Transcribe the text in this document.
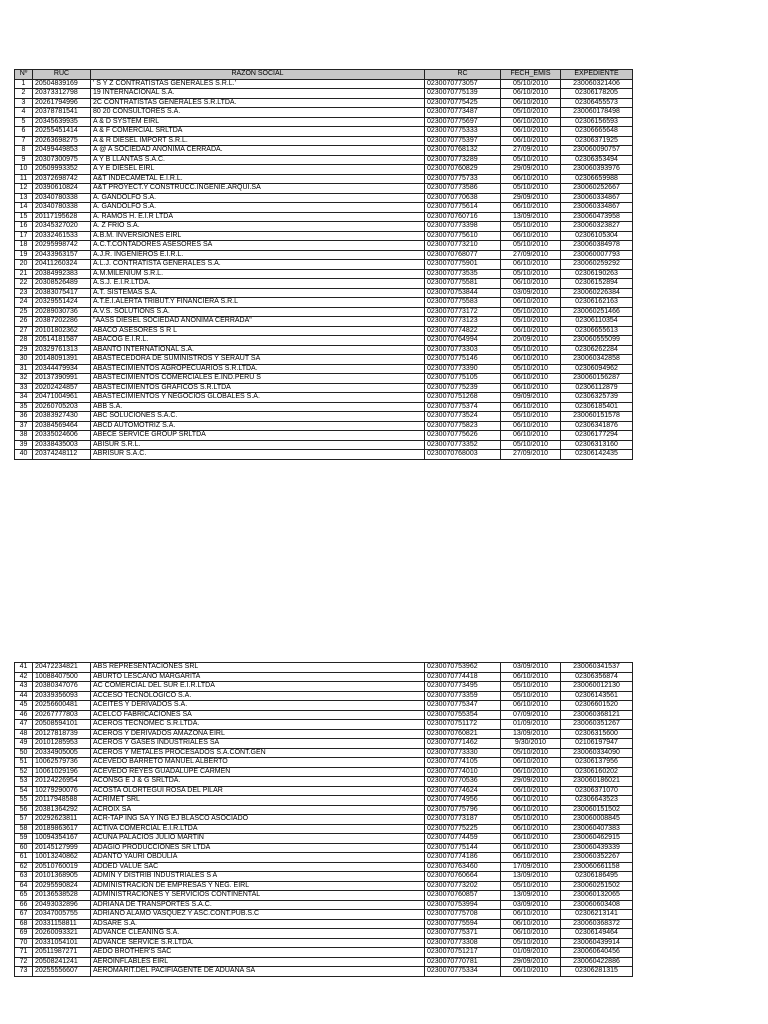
Nº	RUC	RAZON SOCIAL	RC	FECH_EMIS	EXPEDIENTE
1	20504839169	' S Y Z CONTRATISTAS GENERALES S.R.L.'	0230070773057	05/10/2010	230060321406
2	20373312798	19 INTERNACIONAL S.A.	0230070775139	06/10/2010	02306178205
3	20261794996	2C CONTRATISTAS GENERALES S.R.LTDA.	0230070775425	06/10/2010	02306455573
4	20378781541	80 20 CONSULTORES S.A.	0230070773487	05/10/2010	230060178498
5	20345639935	A & D SYSTEM EIRL	0230070775697	06/10/2010	02306156593
6	20255451414	A & F COMERCIAL SRLTDA	0230070775333	06/10/2010	02306665648
7	20263698275	A & R DIESEL IMPORT S.R.L.	0230070775397	06/10/2010	02306371925
8	20499449853	A @ A SOCIEDAD ANONIMA CERRADA.	0230070768132	27/09/2010	230060090757
9	20307300975	A Y B LLANTAS S.A.C.	0230070773289	05/10/2010	02306353494
10	20509993352	A Y E DIESEL EIRL	0230070760829	29/09/2010	230060393976
11	20372698742	A&T INDECAMETAL E.I.R.L.	0230070775733	06/10/2010	02306659988
12	20390610824	A&T PROYECT.Y CONSTRUCC.INGENIE.ARQUI.SA	0230070773586	05/10/2010	230060252667
13	20340780338	A. GANDOLFO S.A.	0230070770638	29/09/2010	230060334867
14	20340780338	A. GANDOLFO S.A.	0230070775614	06/10/2010	230060334867
15	20117195628	A. RAMOS H. E.I.R LTDA	0230070760716	13/09/2010	230060473958
16	20345327020	A. Z FRIO S.A.	0230070773398	05/10/2010	230060323827
17	20332461533	A.B.M. INVERSIONES EIRL	0230070775610	06/10/2010	02306105304
18	20295998742	A.C.T.CONTADORES ASESORES SA	0230070773210	05/10/2010	230060384978
19	20433963157	A.J.R. INGENIEROS E.I.R.L.	0230070768077	27/09/2010	230060007793
20	20411260324	A.L.J. CONTRATISTA GENERALES S.A.	0230070775901	06/10/2010	230060259292
21	20384992383	A.M.MILENIUM S.R.L.	0230070773535	05/10/2010	02306190263
22	20308526489	A.S.J. E.I.R.LTDA.	0230070775581	06/10/2010	02306152894
23	20383075417	A.T. SISTEMAS S.A.	0230070753844	03/09/2010	230060226384
24	20329551424	A.T.E.I.ALERTA TRIBUT.Y FINANCIERA S.R.L	0230070775583	06/10/2010	02306162163
25	20289030736	A.V.S. SOLUTIONS S.A.	0230070773172	05/10/2010	230060251466
26	20387202286	"AASS DIESEL SOCIEDAD ANONIMA CERRADA"	0230070773123	05/10/2010	02306110354
27	20101802362	ABACO ASESORES S R L	0230070774822	06/10/2010	02306655613
28	20514181587	ABACOG E.I.R.L.	0230070764994	20/09/2010	230060555099
29	20329761313	ABANTO INTERNATIONAL S.A.	0230070773303	05/10/2010	02306262284
30	20148091391	ABASTECEDORA DE SUMINISTROS Y SERAUT SA	0230070775146	06/10/2010	230060342858
31	20344479934	ABASTECIMIENTOS AGROPECUARIOS S.R.LTDA.	0230070773390	05/10/2010	02306094962
32	20137390991	ABASTECIMIENTOS COMERCIALES E.IND.PERU S	0230070775105	06/10/2010	230060156287
33	20202424857	ABASTECIMIENTOS GRAFICOS S.R.LTDA	0230070775239	06/10/2010	02306112879
34	20471004961	ABASTECIMIENTOS Y NEGOCIOS GLOBALES S.A.	0230070751268	09/09/2010	02306325739
35	20260705203	ABB S.A.	0230070775374	06/10/2010	02306185401
36	20383927430	ABC SOLUCIONES S.A.C.	0230070773524	05/10/2010	230060151578
37	20384569464	ABCD AUTOMOTRIZ S.A.	0230070775823	06/10/2010	02306341876
38	20335024606	ABECE SERVICE GROUP SRLTDA	0230070775626	06/10/2010	02306177294
39	20338435003	ABISUR S.R.L.	0230070773352	05/10/2010	02306313160
40	20374248112	ABRISUR S.A.C.	0230070768003	27/09/2010	02306142435
41	20472234821	ABS REPRESENTACIONES SRL	0230070753962	03/09/2010	230060341537
42	10088407500	ABURTO LESCANO MARGARITA	0230070774418	06/10/2010	02306356874
43	20380347076	AC COMERCIAL DEL SUR E.I.R.LTDA	0230070773495	05/10/2010	230060012130
44	20339356093	ACCESO TECNOLOGICO S.A.	0230070773359	05/10/2010	02306143561
45	20256600481	ACEITES Y DERIVADOS S.A.	0230070775347	06/10/2010	02306601520
46	20267777803	ACELCO FABRICACIONES SA	0230070755354	07/09/2010	230060368121
47	20508594101	ACEROS TECNOMEC S.R.LTDA.	0230070751172	01/09/2010	230060351267
48	20127818739	ACEROS Y DERIVADOS AMAZONA EIRL	0230070760821	13/09/2010	02306315600
49	20101285953	ACEROS Y GASES INDUSTRIALES SA	0230070771462	9/30/2010	02106197947
50	20334905005	ACEROS Y METALES PROCESADOS S.A.CONT.GEN	0230070773330	05/10/2010	230060334090
51	10062579736	ACEVEDO BARRETO MANUEL ALBERTO	0230070774105	06/10/2010	02306137956
52	10061029196	ACEVEDO REYES GUADALUPE CARMEN	0230070774010	06/10/2010	02306160202
53	20124226954	ACONSG E J & G SRLTDA.	0230070770536	29/09/2010	230060186021
54	10279290076	ACOSTA OLORTEGUI ROSA DEL PILAR	0230070774624	06/10/2010	02306371070
55	20117948588	ACRIMET SRL	0230070774956	06/10/2010	02306643523
56	20381364292	ACROIX SA	0230070775796	06/10/2010	230060151502
57	20292623811	ACR-TAP ING SA Y ING EJ BLASCO ASOCIADO	0230070773187	05/10/2010	230060008845
58	20189863617	ACTIVA COMERCIAL E.I.R.LTDA	0230070775225	06/10/2010	230060407383
59	10094354167	ACUNA PALACIOS JULIO MARTIN	0230070774459	06/10/2010	230060462915
60	20145127999	ADAGIO PRODUCCIONES SR LTDA	0230070775144	06/10/2010	230060439339
61	10013240862	ADANTO YAURI OBDULIA	0230070774186	06/10/2010	230060352267
62	20510760019	ADDED VALUE SAC	0230070763460	17/09/2010	230060661158
63	20101368905	ADMIN Y DISTRIB INDUSTRIALES S A	0230070760664	13/09/2010	02306186495
64	20295590824	ADMINISTRACION DE EMPRESAS Y NEG. EIRL	0230070773202	05/10/2010	230060251502
65	20136538528	ADMINISTRACIONES Y SERVICIOS CONTINENTAL	0230070760857	13/09/2010	230060132065
66	20493032896	ADRIANA DE TRANSPORTES S.A.C.	0230070753994	03/09/2010	230060603408
67	20347005755	ADRIANO ALAMO VASQUEZ Y ASC.CONT.PUB.S.C	0230070775708	06/10/2010	02306213141
68	20331158811	ADSARE S.A.	0230070775594	06/10/2010	230060368372
69	20260093321	ADVANCE CLEANING S.A.	0230070775371	06/10/2010	02306149464
70	20331054101	ADVANCE SERVICE S.R.LTDA.	0230070773308	05/10/2010	230060439914
71	20511987271	AEDO BROTHER'S SAC	0230070751217	01/09/2010	230060640456
72	20508241241	AEROINFLABLES EIRL	0230070770781	29/09/2010	230060422886
73	20255556607	AEROMARIT.DEL PACIFIAGENTE DE ADUANA SA	0230070775334	06/10/2010	02306281315
